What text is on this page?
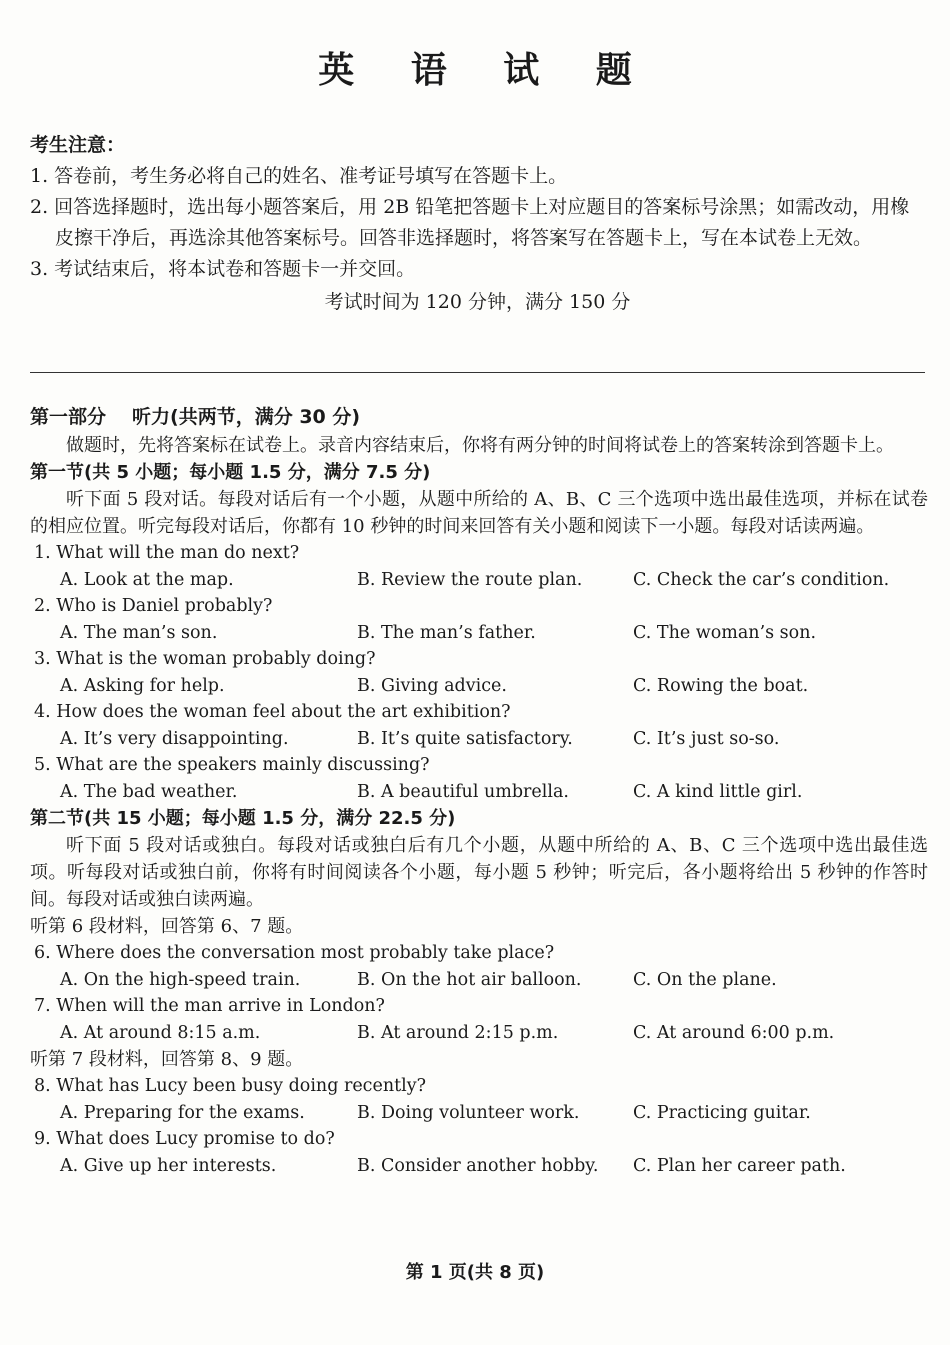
英 语 试 题
考生注意：
1. 答卷前，考生务必将自己的姓名、准考证号填写在答题卡上。
2. 回答选择题时，选出每小题答案后，用 2B 铅笔把答题卡上对应题目的答案标号涂黑；如需改动，用橡皮擦干净后，再选涂其他答案标号。回答非选择题时，将答案写在答题卡上，写在本试卷上无效。
3. 考试结束后，将本试卷和答题卡一并交回。
考试时间为 120 分钟，满分 150 分
第一部分 听力(共两节，满分 30 分)
做题时，先将答案标在试卷上。录音内容结束后，你将有两分钟的时间将试卷上的答案转涂到答题卡上。
第一节(共 5 小题；每小题 1.5 分，满分 7.5 分)
听下面 5 段对话。每段对话后有一个小题，从题中所给的 A、B、C 三个选项中选出最佳选项，并标在试卷的相应位置。听完每段对话后，你都有 10 秒钟的时间来回答有关小题和阅读下一小题。每段对话读两遍。
1. What will the man do next?
A. Look at the map.	B. Review the route plan.	C. Check the car’s condition.
2. Who is Daniel probably?
A. The man’s son.	B. The man’s father.	C. The woman’s son.
3. What is the woman probably doing?
A. Asking for help.	B. Giving advice.	C. Rowing the boat.
4. How does the woman feel about the art exhibition?
A. It’s very disappointing.	B. It’s quite satisfactory.	C. It’s just so-so.
5. What are the speakers mainly discussing?
A. The bad weather.	B. A beautiful umbrella.	C. A kind little girl.
第二节(共 15 小题；每小题 1.5 分，满分 22.5 分)
听下面 5 段对话或独白。每段对话或独白后有几个小题，从题中所给的 A、B、C 三个选项中选出最佳选项。听每段对话或独白前，你将有时间阅读各个小题，每小题 5 秒钟；听完后，各小题将给出 5 秒钟的作答时间。每段对话或独白读两遍。
听第 6 段材料，回答第 6、7 题。
6. Where does the conversation most probably take place?
A. On the high-speed train.	B. On the hot air balloon.	C. On the plane.
7. When will the man arrive in London?
A. At around 8:15 a.m.	B. At around 2:15 p.m.	C. At around 6:00 p.m.
听第 7 段材料，回答第 8、9 题。
8. What has Lucy been busy doing recently?
A. Preparing for the exams.	B. Doing volunteer work.	C. Practicing guitar.
9. What does Lucy promise to do?
A. Give up her interests.	B. Consider another hobby.	C. Plan her career path.
第 1 页(共 8 页)
